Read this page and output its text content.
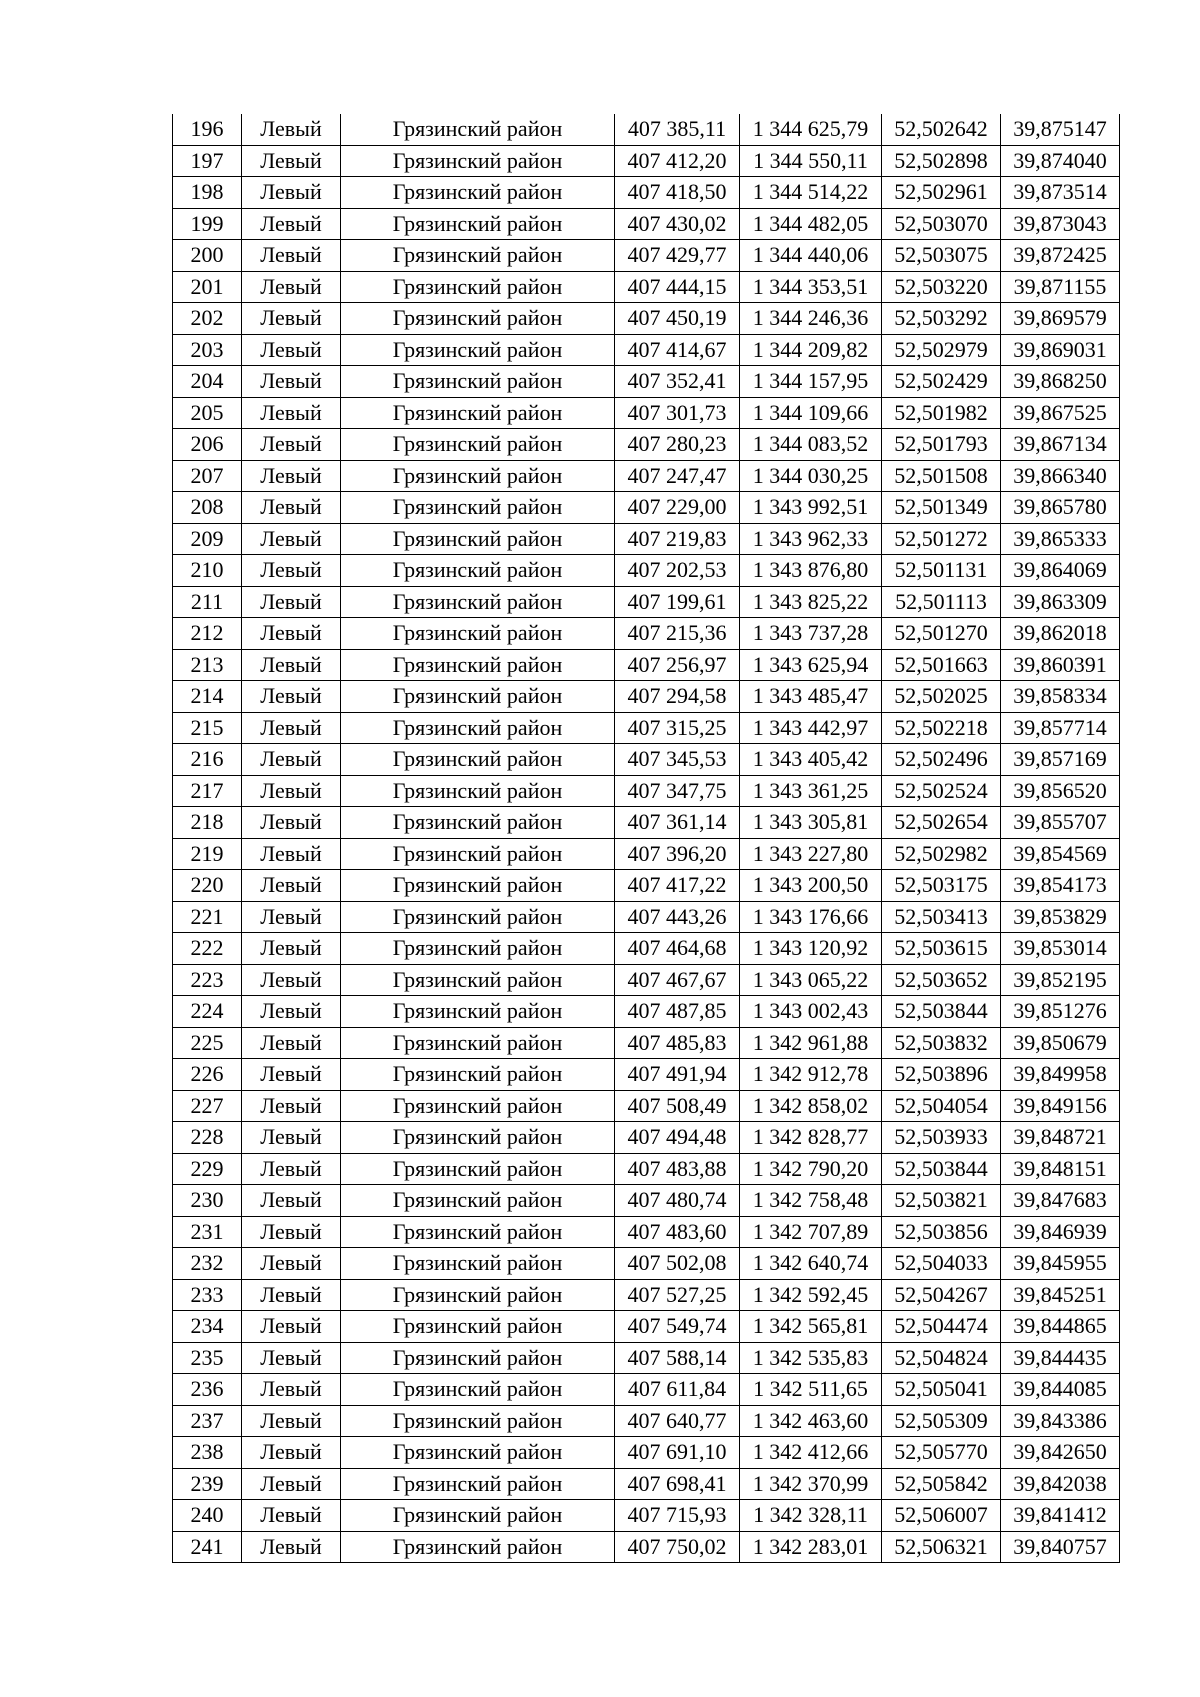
196	Левый	Грязинский район	407 385,11	1 344 625,79	52,502642	39,875147
197	Левый	Грязинский район	407 412,20	1 344 550,11	52,502898	39,874040
198	Левый	Грязинский район	407 418,50	1 344 514,22	52,502961	39,873514
199	Левый	Грязинский район	407 430,02	1 344 482,05	52,503070	39,873043
200	Левый	Грязинский район	407 429,77	1 344 440,06	52,503075	39,872425
201	Левый	Грязинский район	407 444,15	1 344 353,51	52,503220	39,871155
202	Левый	Грязинский район	407 450,19	1 344 246,36	52,503292	39,869579
203	Левый	Грязинский район	407 414,67	1 344 209,82	52,502979	39,869031
204	Левый	Грязинский район	407 352,41	1 344 157,95	52,502429	39,868250
205	Левый	Грязинский район	407 301,73	1 344 109,66	52,501982	39,867525
206	Левый	Грязинский район	407 280,23	1 344 083,52	52,501793	39,867134
207	Левый	Грязинский район	407 247,47	1 344 030,25	52,501508	39,866340
208	Левый	Грязинский район	407 229,00	1 343 992,51	52,501349	39,865780
209	Левый	Грязинский район	407 219,83	1 343 962,33	52,501272	39,865333
210	Левый	Грязинский район	407 202,53	1 343 876,80	52,501131	39,864069
211	Левый	Грязинский район	407 199,61	1 343 825,22	52,501113	39,863309
212	Левый	Грязинский район	407 215,36	1 343 737,28	52,501270	39,862018
213	Левый	Грязинский район	407 256,97	1 343 625,94	52,501663	39,860391
214	Левый	Грязинский район	407 294,58	1 343 485,47	52,502025	39,858334
215	Левый	Грязинский район	407 315,25	1 343 442,97	52,502218	39,857714
216	Левый	Грязинский район	407 345,53	1 343 405,42	52,502496	39,857169
217	Левый	Грязинский район	407 347,75	1 343 361,25	52,502524	39,856520
218	Левый	Грязинский район	407 361,14	1 343 305,81	52,502654	39,855707
219	Левый	Грязинский район	407 396,20	1 343 227,80	52,502982	39,854569
220	Левый	Грязинский район	407 417,22	1 343 200,50	52,503175	39,854173
221	Левый	Грязинский район	407 443,26	1 343 176,66	52,503413	39,853829
222	Левый	Грязинский район	407 464,68	1 343 120,92	52,503615	39,853014
223	Левый	Грязинский район	407 467,67	1 343 065,22	52,503652	39,852195
224	Левый	Грязинский район	407 487,85	1 343 002,43	52,503844	39,851276
225	Левый	Грязинский район	407 485,83	1 342 961,88	52,503832	39,850679
226	Левый	Грязинский район	407 491,94	1 342 912,78	52,503896	39,849958
227	Левый	Грязинский район	407 508,49	1 342 858,02	52,504054	39,849156
228	Левый	Грязинский район	407 494,48	1 342 828,77	52,503933	39,848721
229	Левый	Грязинский район	407 483,88	1 342 790,20	52,503844	39,848151
230	Левый	Грязинский район	407 480,74	1 342 758,48	52,503821	39,847683
231	Левый	Грязинский район	407 483,60	1 342 707,89	52,503856	39,846939
232	Левый	Грязинский район	407 502,08	1 342 640,74	52,504033	39,845955
233	Левый	Грязинский район	407 527,25	1 342 592,45	52,504267	39,845251
234	Левый	Грязинский район	407 549,74	1 342 565,81	52,504474	39,844865
235	Левый	Грязинский район	407 588,14	1 342 535,83	52,504824	39,844435
236	Левый	Грязинский район	407 611,84	1 342 511,65	52,505041	39,844085
237	Левый	Грязинский район	407 640,77	1 342 463,60	52,505309	39,843386
238	Левый	Грязинский район	407 691,10	1 342 412,66	52,505770	39,842650
239	Левый	Грязинский район	407 698,41	1 342 370,99	52,505842	39,842038
240	Левый	Грязинский район	407 715,93	1 342 328,11	52,506007	39,841412
241	Левый	Грязинский район	407 750,02	1 342 283,01	52,506321	39,840757
